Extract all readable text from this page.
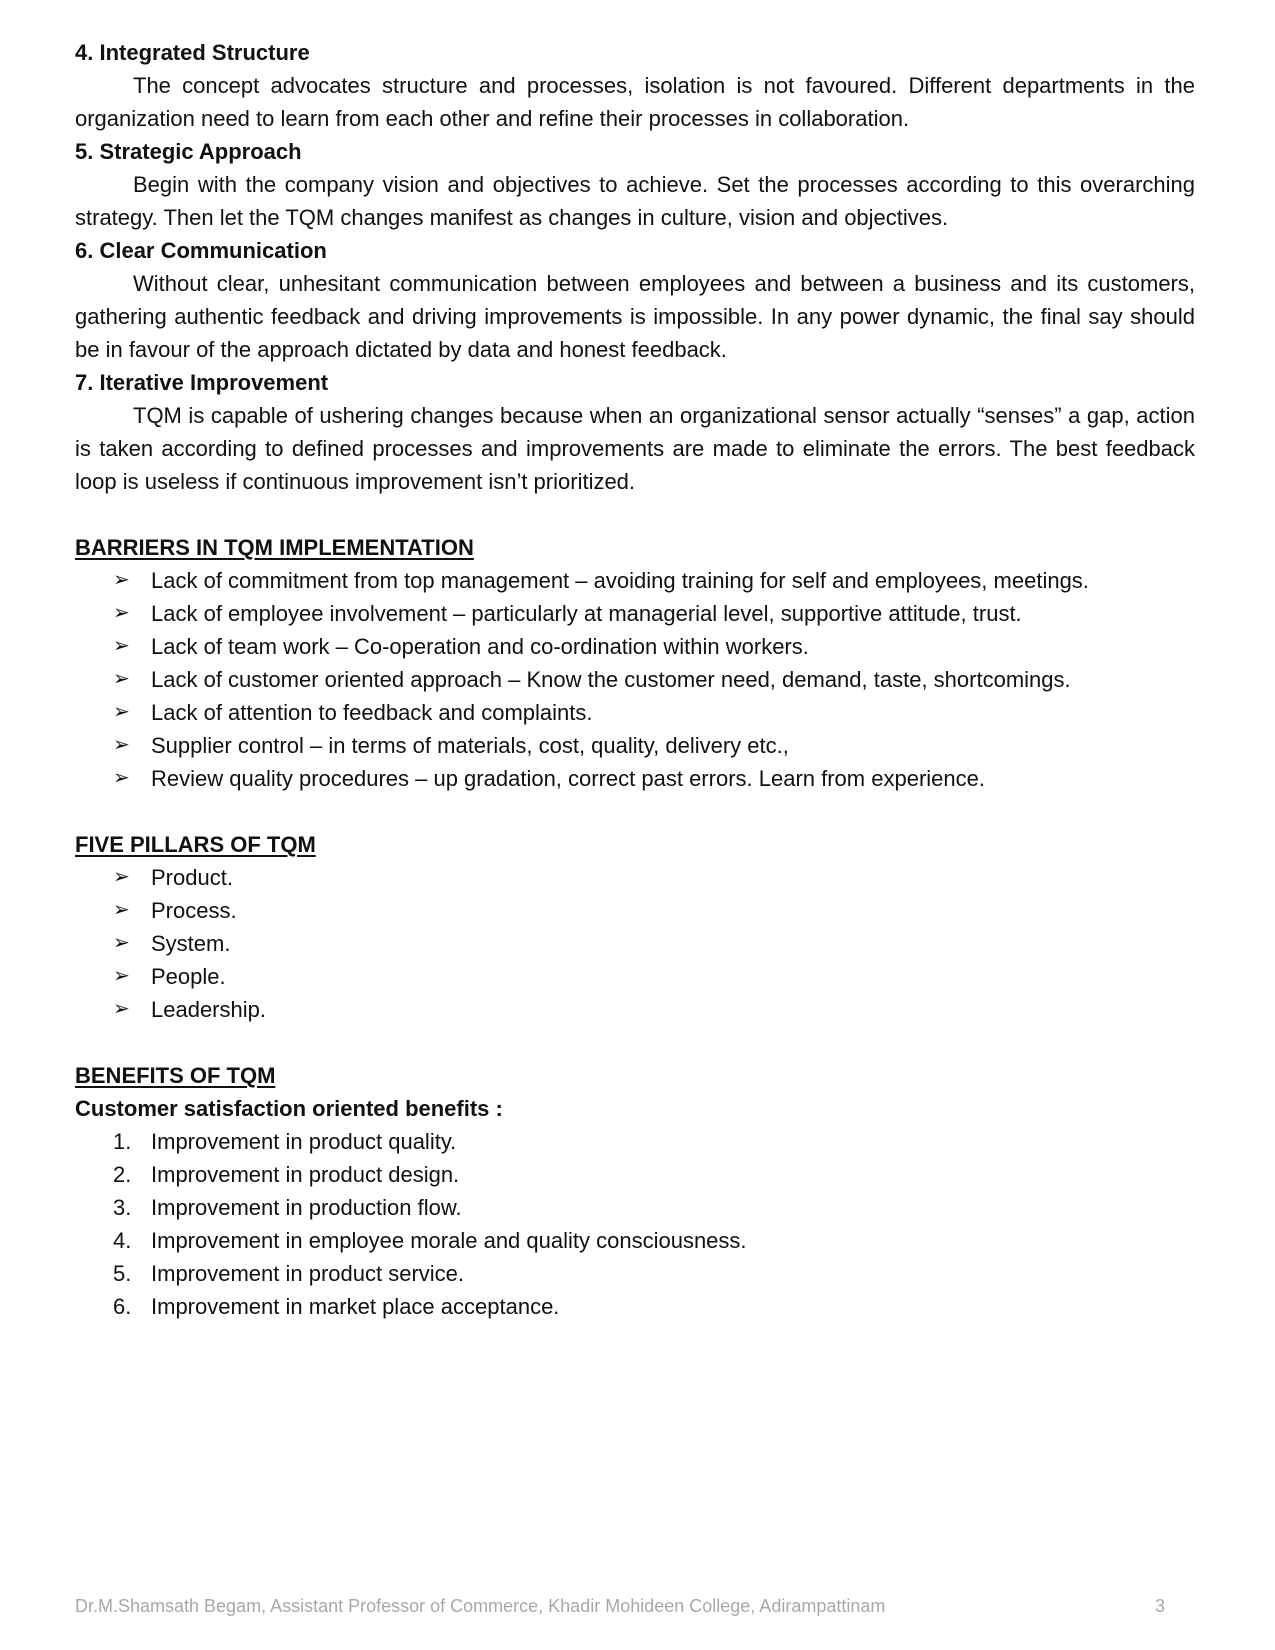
4. Integrated Structure

The concept advocates structure and processes, isolation is not favoured. Different departments in the organization need to learn from each other and refine their processes in collaboration.

5. Strategic Approach

Begin with the company vision and objectives to achieve. Set the processes according to this overarching strategy. Then let the TQM changes manifest as changes in culture, vision and objectives.

6. Clear Communication

Without clear, unhesitant communication between employees and between a business and its customers, gathering authentic feedback and driving improvements is impossible. In any power dynamic, the final say should be in favour of the approach dictated by data and honest feedback.

7. Iterative Improvement

TQM is capable of ushering changes because when an organizational sensor actually “senses” a gap, action is taken according to defined processes and improvements are made to eliminate the errors. The best feedback loop is useless if continuous improvement isn’t prioritized.

BARRIERS IN TQM IMPLEMENTATION
➢ Lack of commitment from top management – avoiding training for self and employees, meetings.
➢ Lack of employee involvement – particularly at managerial level, supportive attitude, trust.
➢ Lack of team work – Co-operation and co-ordination within workers.
➢ Lack of customer oriented approach – Know the customer need, demand, taste, shortcomings.
➢ Lack of attention to feedback and complaints.
➢ Supplier control – in terms of materials, cost, quality, delivery etc.,
➢ Review quality procedures – up gradation, correct past errors. Learn from experience.
FIVE PILLARS OF TQM
➢ Product.
➢ Process.
➢ System.
➢ People.
➢ Leadership.
BENEFITS OF TQM
Customer satisfaction oriented benefits :
1. Improvement in product quality.
2. Improvement in product design.
3. Improvement in production flow.
4. Improvement in employee morale and quality consciousness.
5. Improvement in product service.
6. Improvement in market place acceptance.
Dr.M.Shamsath Begam, Assistant Professor of Commerce, Khadir Mohideen College, Adirampattinam	3
